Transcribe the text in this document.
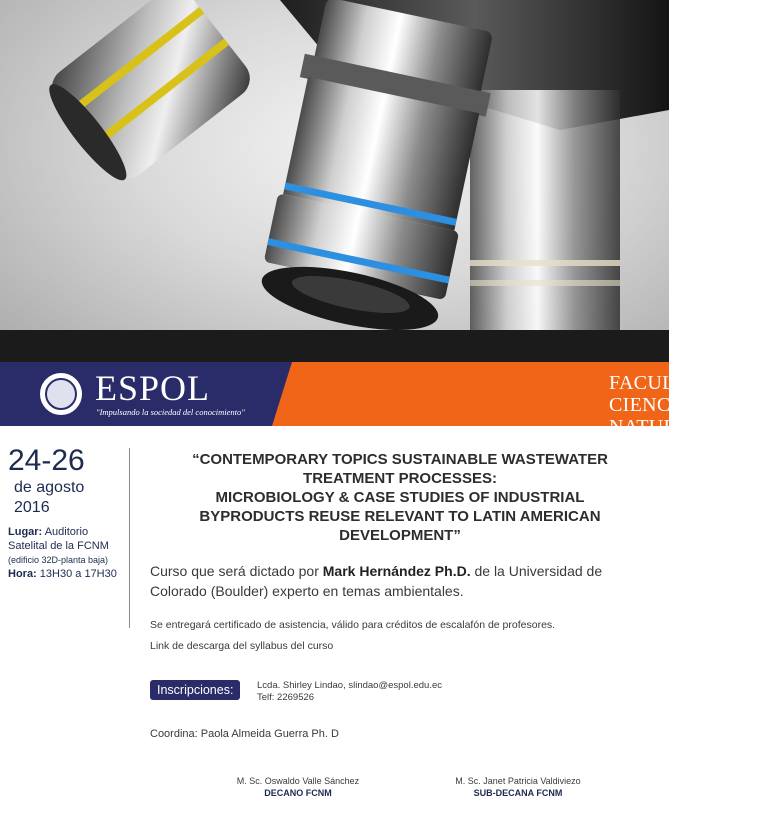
ESPOL
"Impulsando la sociedad del conocimiento"
FACULTAD DE CIENCIAS
NATURALES Y MATEMÁTICAS
24-26
de agosto
2016
Lugar: Auditorio Satelital de la FCNM
(edificio 32D-planta baja)
Hora: 13H30 a 17H30
“CONTEMPORARY TOPICS SUSTAINABLE WASTEWATER
TREATMENT PROCESSES:
MICROBIOLOGY & CASE STUDIES OF INDUSTRIAL
BYPRODUCTS REUSE RELEVANT TO LATIN AMERICAN
DEVELOPMENT”
Curso que será dictado por Mark Hernández Ph.D. de la Universidad de Colorado (Boulder) experto en temas ambientales.
Se entregará certificado de asistencia, válido para créditos de escalafón de profesores.
Link de descarga del syllabus del curso
Inscripciones:	Lcda. Shirley Lindao, slindao@espol.edu.ec
Telf: 2269526
Coordina: Paola Almeida Guerra Ph. D
M. Sc. Oswaldo Valle Sánchez
DECANO FCNM
M. Sc. Janet Patricia Valdiviezo
SUB-DECANA FCNM
